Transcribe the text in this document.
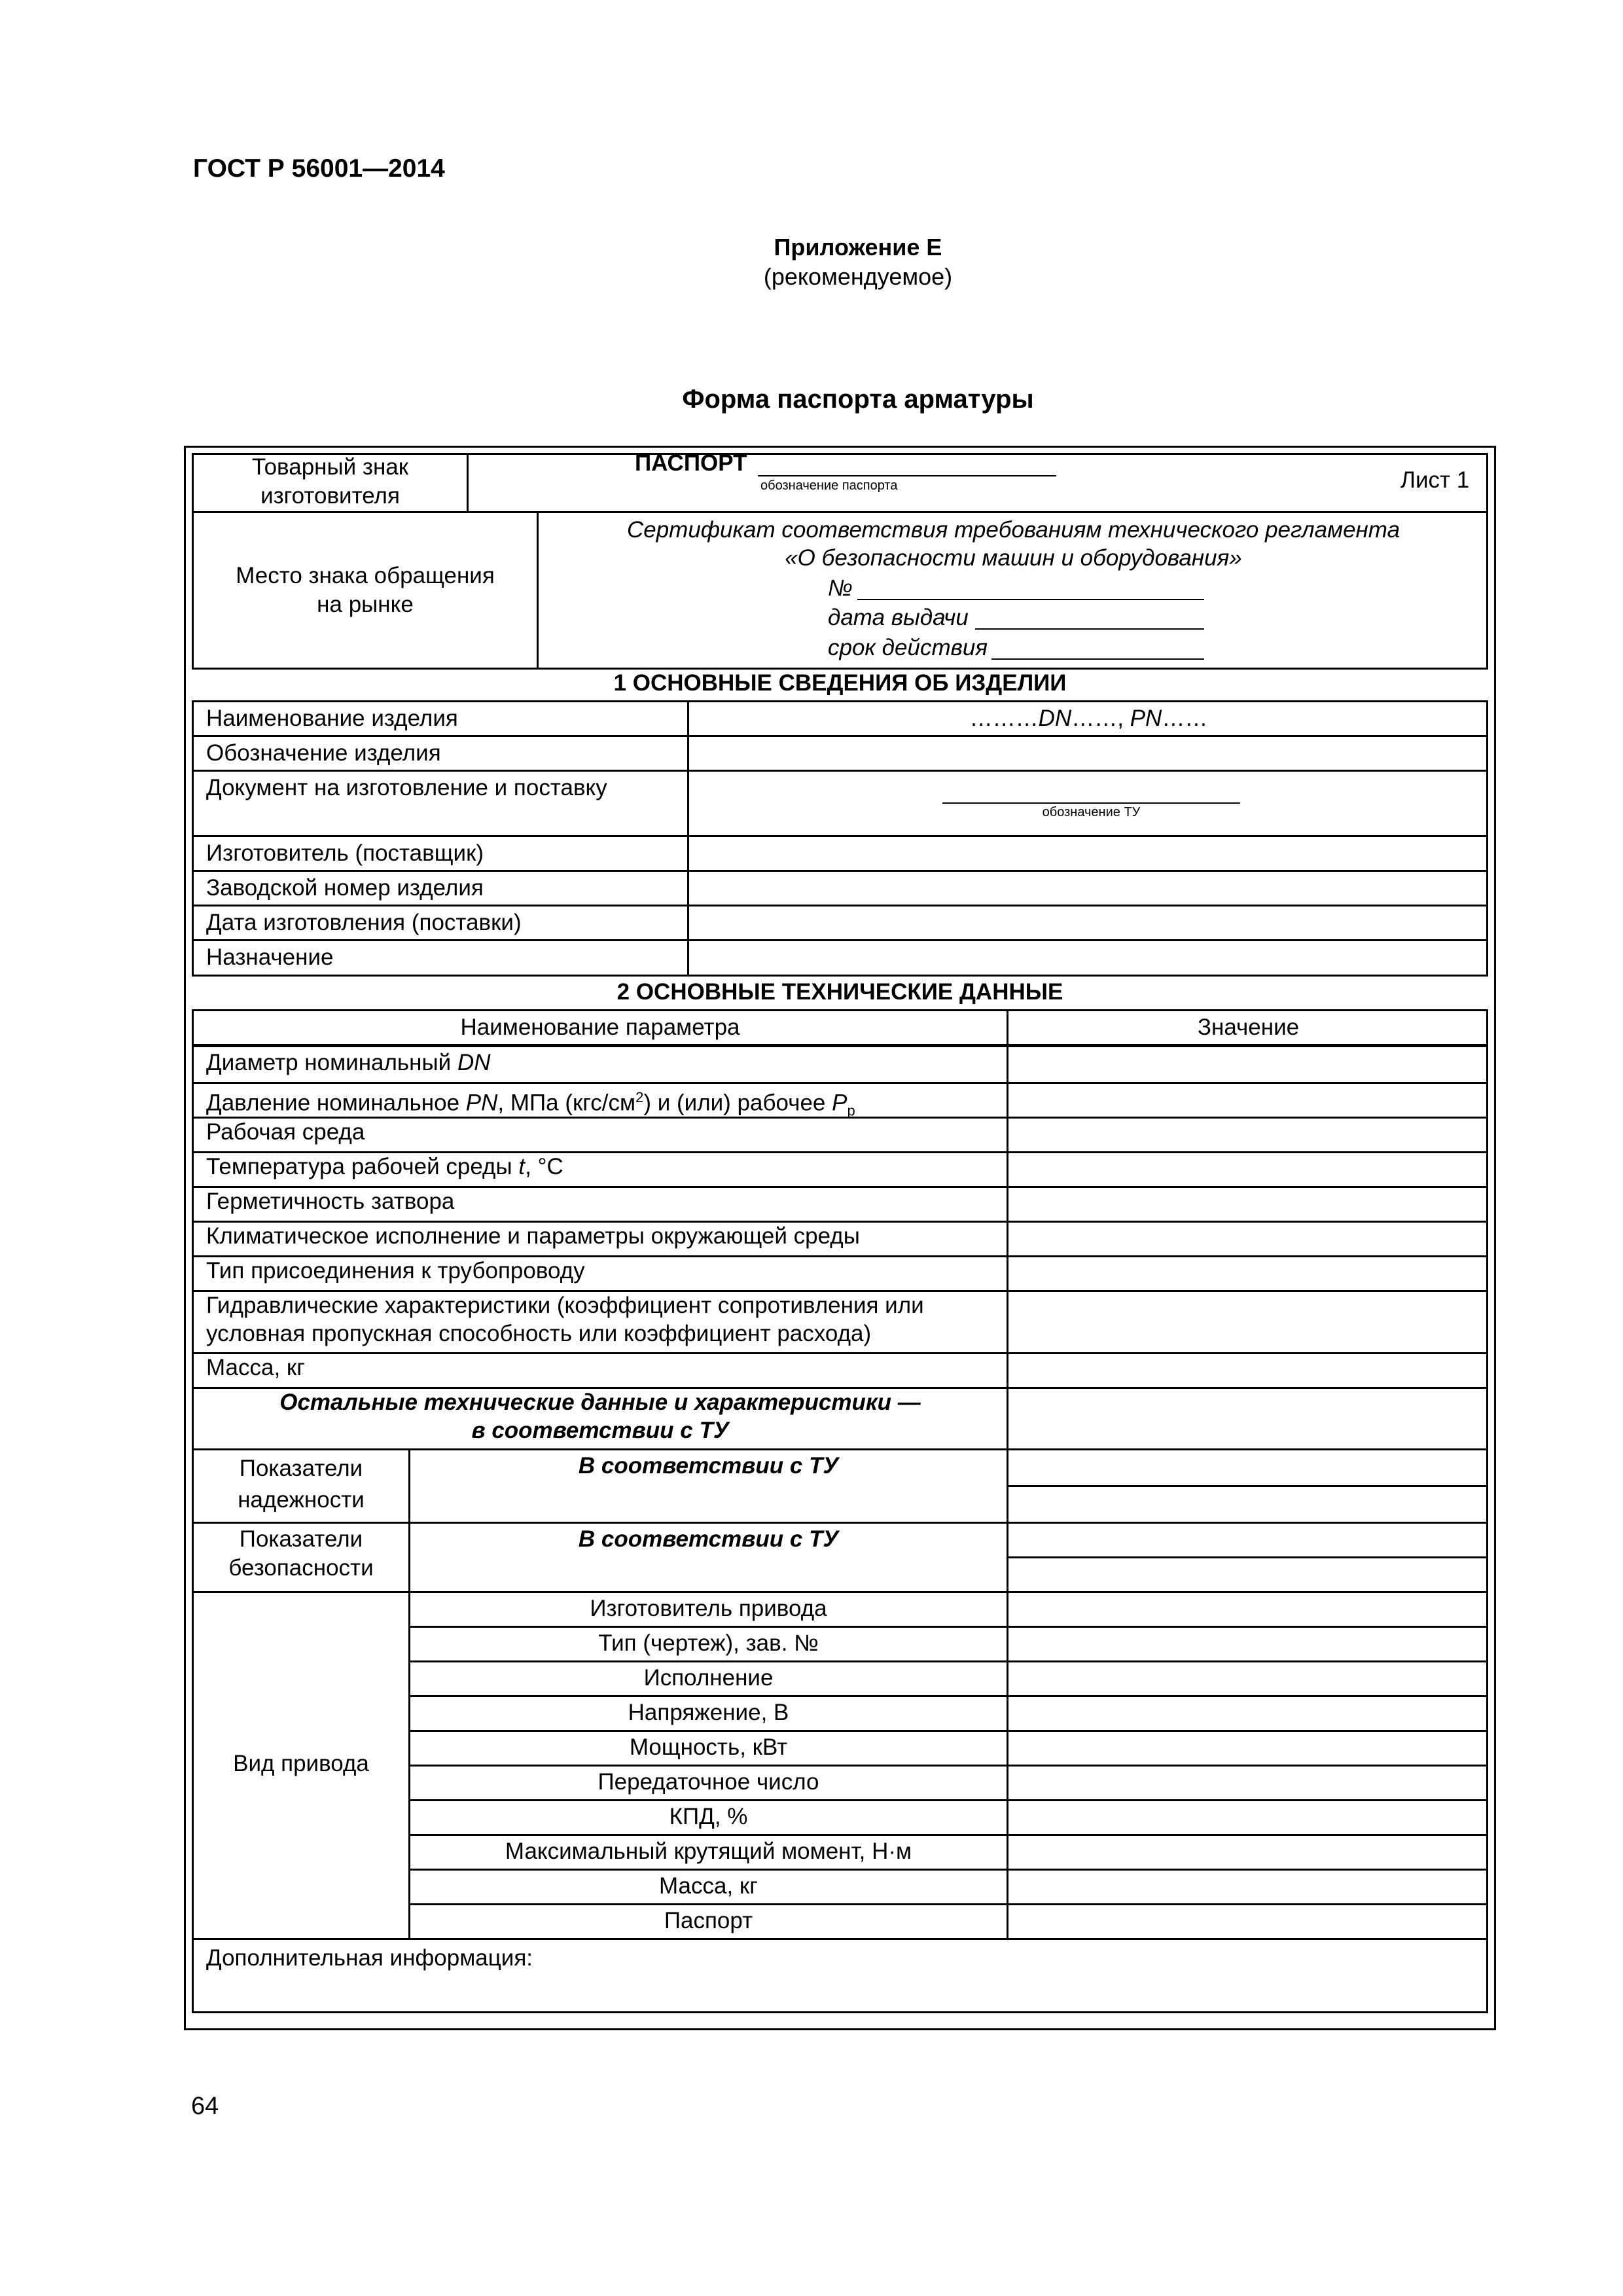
ГОСТ Р 56001—2014
Приложение Е
(рекомендуемое)
Форма паспорта арматуры
Товарный знак
изготовителя
ПАСПОРТ
обозначение паспорта	Лист 1
Место знака обращения
на рынке
Сертификат соответствия требованиям технического регламента
«О безопасности машин и оборудования»
№
дата выдачи
срок действия
1 ОСНОВНЫЕ СВЕДЕНИЯ ОБ ИЗДЕЛИИ
Наименование изделия
Обозначение изделия
Документ на изготовление и поставку
Изготовитель (поставщик)
Заводской номер изделия
Дата изготовления (поставки)
Назначение
………DN……, PN……
обозначение ТУ
2 ОСНОВНЫЕ ТЕХНИЧЕСКИЕ ДАННЫЕ
Наименование параметра	Значение
Диаметр номинальный DN
Давление номинальное PN, МПа $(кгс/см^2)$ и (или) рабочее $P_р$
Рабочая среда
Температура рабочей среды t, °С
Герметичность затвора
Климатическое исполнение и параметры окружающей среды
Тип присоединения к трубопроводу
Гидравлические характеристики (коэффициент сопротивления или
условная пропускная способность или коэффициент расхода)
Масса, кг
Остальные технические данные и характеристики —
в соответствии с ТУ
Показатели
надежности
В соответствии с ТУ
Показатели
безопасности
В соответствии с ТУ
Вид привода
Изготовитель привода
Тип (чертеж), зав. №
Исполнение
Напряжение, В
Мощность, кВт
Передаточное число
КПД, %
Максимальный крутящий момент, Н·м
Масса, кг
Паспорт
Дополнительная информация:
64
